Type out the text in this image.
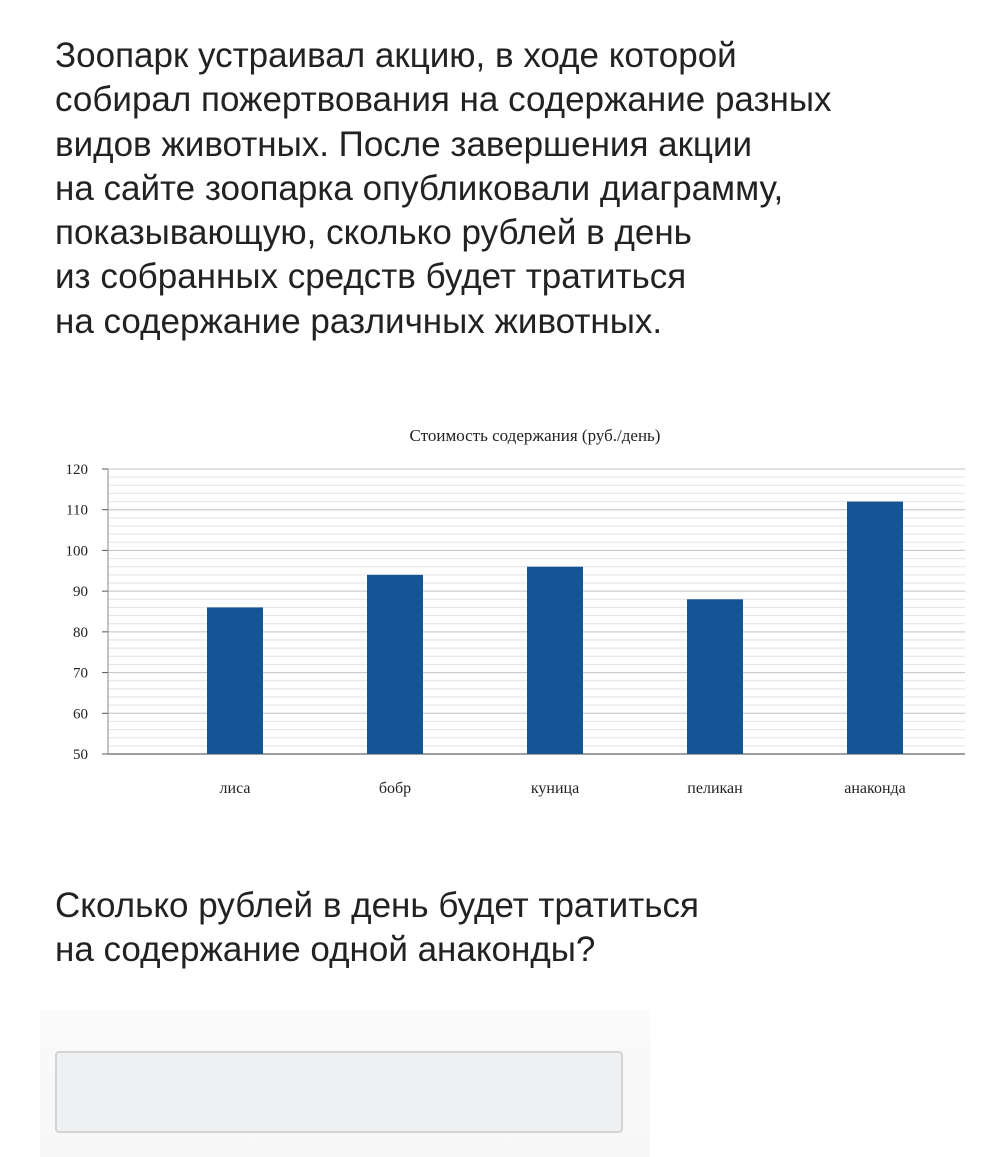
Зоопарк устраивал акцию, в ходе которой
собирал пожертвования на содержание разных
видов животных. После завершения акции
на сайте зоопарка опубликовали диаграмму,
показывающую, сколько рублей в день
из собранных средств будет тратиться
на содержание различных животных.
Стоимость содержания (руб./день)
50
60
70
80
90
100
110
120
лиса	бобр	куница	пеликан	анаконда
Сколько рублей в день будет тратиться
на содержание одной анаконды?
